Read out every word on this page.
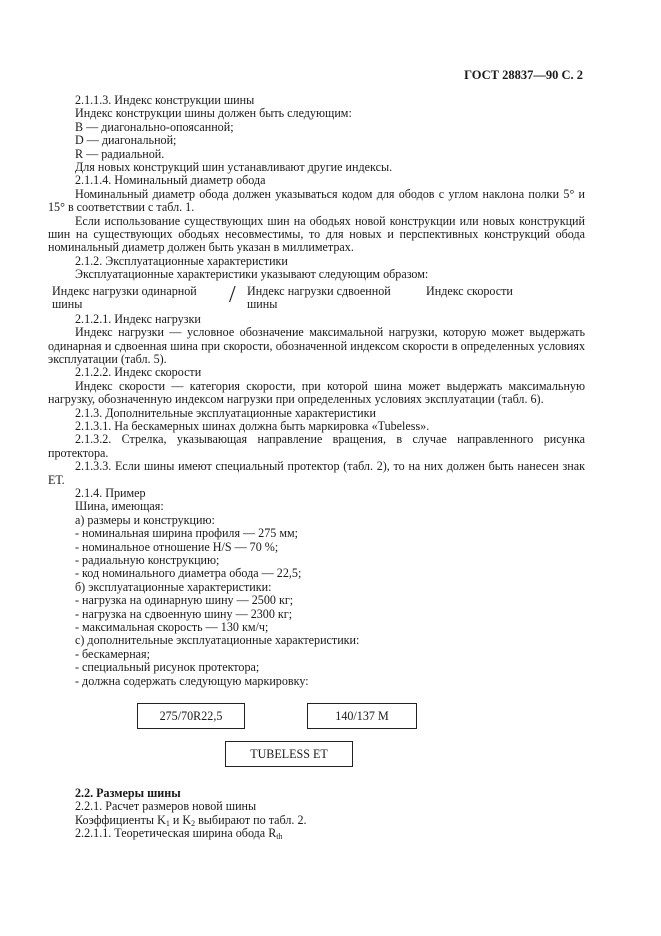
ГОСТ 28837—90 С. 2

2.1.1.3. Индекс конструкции шины

Индекс конструкции шины должен быть следующим:

В — диагонально-опоясанной;

D — диагональной;

R — радиальной.

Для новых конструкций шин устанавливают другие индексы.

2.1.1.4. Номинальный диаметр обода

Номинальный диаметр обода должен указываться кодом для ободов с углом наклона полки 5° и 15° в соответствии с табл. 1.

Если использование существующих шин на ободьях новой конструкции или новых конструкций шин на существующих ободьях несовместимы, то для новых и перспективных конструкций обода номинальный диаметр должен быть указан в миллиметрах.

2.1.2. Эксплуатационные характеристики

Эксплуатационные характеристики указывают следующим образом:

Индекс нагрузки одинарной
шины	/ Индекс нагрузки сдвоенной
шины
Индекс скорости

2.1.2.1. Индекс нагрузки

Индекс нагрузки — условное обозначение максимальной нагрузки, которую может выдержать одинарная и сдвоенная шина при скорости, обозначенной индексом скорости в определенных условиях эксплуатации (табл. 5).

2.1.2.2. Индекс скорости

Индекс скорости — категория скорости, при которой шина может выдержать максимальную нагрузку, обозначенную индексом нагрузки при определенных условиях эксплуатации (табл. 6).

2.1.3. Дополнительные эксплуатационные характеристики

2.1.3.1. На бескамерных шинах должна быть маркировка «Tubeless».

2.1.3.2. Стрелка, указывающая направление вращения, в случае направленного рисунка протектора.

2.1.3.3. Если шины имеют специальный протектор (табл. 2), то на них должен быть нанесен знак ЕТ.

2.1.4. Пример

Шина, имеющая:

а) размеры и конструкцию:

- номинальная ширина профиля — 275 мм;

- номинальное отношение H/S — 70 %;

- радиальную конструкцию;

- код номинального диаметра обода — 22,5;

б) эксплуатационные характеристики:

- нагрузка на одинарную шину — 2500 кг;

- нагрузка на сдвоенную шину — 2300 кг;

- максимальная скорость — 130 км/ч;

с) дополнительные эксплуатационные характеристики:

- бескамерная;

- специальный рисунок протектора;

- должна содержать следующую маркировку:

275/70R22,5	140/137 М
TUBELESS ET

2.2. Размеры шины

2.2.1. Расчет размеров новой шины

Коэффициенты $K_1$ и $K_2$ выбирают по табл. 2.

2.2.1.1. Теоретическая ширина обода $R_{th}$
